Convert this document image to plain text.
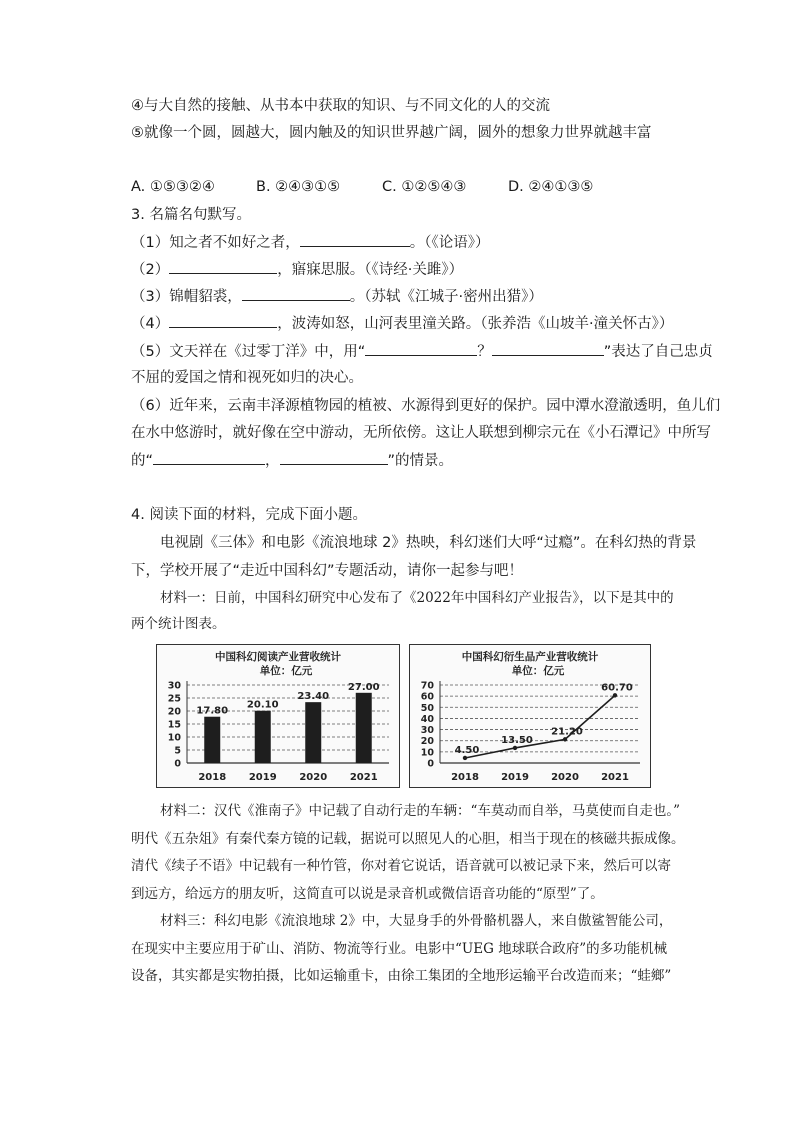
④与大自然的接触、从书本中获取的知识、与不同文化的人的交流
⑤就像一个圆，圆越大，圆内触及的知识世界越广阔，圆外的想象力世界就越丰富
A. ①⑤③②④	B. ②④③①⑤	C. ①②⑤④③	D. ②④①③⑤
3. 名篇名句默写。
（1）知之者不如好之者，	。（《论语》）
（2）	，寤寐思服。（《诗经·关雎》）
（3）锦帽貂裘，	。（苏轼《江城子·密州出猎》）
（4）	，波涛如怒，山河表里潼关路。（张养浩《山坡羊·潼关怀古》）
（5）文天祥在《过零丁洋》中，用“	？	”表达了自己忠贞
不屈的爱国之情和视死如归的决心。
（6）近年来，云南丰泽源植物园的植被、水源得到更好的保护。园中潭水澄澈透明，鱼儿们
在水中悠游时，就好像在空中游动，无所依傍。这让人联想到柳宗元在《小石潭记》中所写
的“	，	”的情景。
4. 阅读下面的材料，完成下面小题。
电视剧《三体》和电影《流浪地球 2》热映，科幻迷们大呼“过瘾”。在科幻热的背景
下，学校开展了“走近中国科幻”专题活动，请你一起参与吧！
材料一：日前，中国科幻研究中心发布了《2022年中国科幻产业报告》，以下是其中的
两个统计图表。
中国科幻阅读产业营收统计
单位：亿元
0
5
10
15
20
25
30
2018
17.80
2019
20.10
2020
23.40
2021
27.00
中国科幻衍生品产业营收统计
单位：亿元
0
10
20
30
40
50
60
70
2018 2019 2020 2021
4.50
13.50
21.20
60.70
材料二：汉代《淮南子》中记载了自动行走的车辆：“车莫动而自举，马莫使而自走也。”
明代《五杂俎》有秦代秦方镜的记载，据说可以照见人的心胆，相当于现在的核磁共振成像。
清代《续子不语》中记载有一种竹管，你对着它说话，语音就可以被记录下来，然后可以寄
到远方，给远方的朋友听，这简直可以说是录音机或微信语音功能的“原型”了。
材料三：科幻电影《流浪地球 2》中，大显身手的外骨骼机器人，来自傲鲨智能公司，
在现实中主要应用于矿山、消防、物流等行业。电影中“UEG 地球联合政府”的多功能机械
设备，其实都是实物拍摄，比如运输重卡，由徐工集团的全地形运输平台改造而来；“蛙鄉”
